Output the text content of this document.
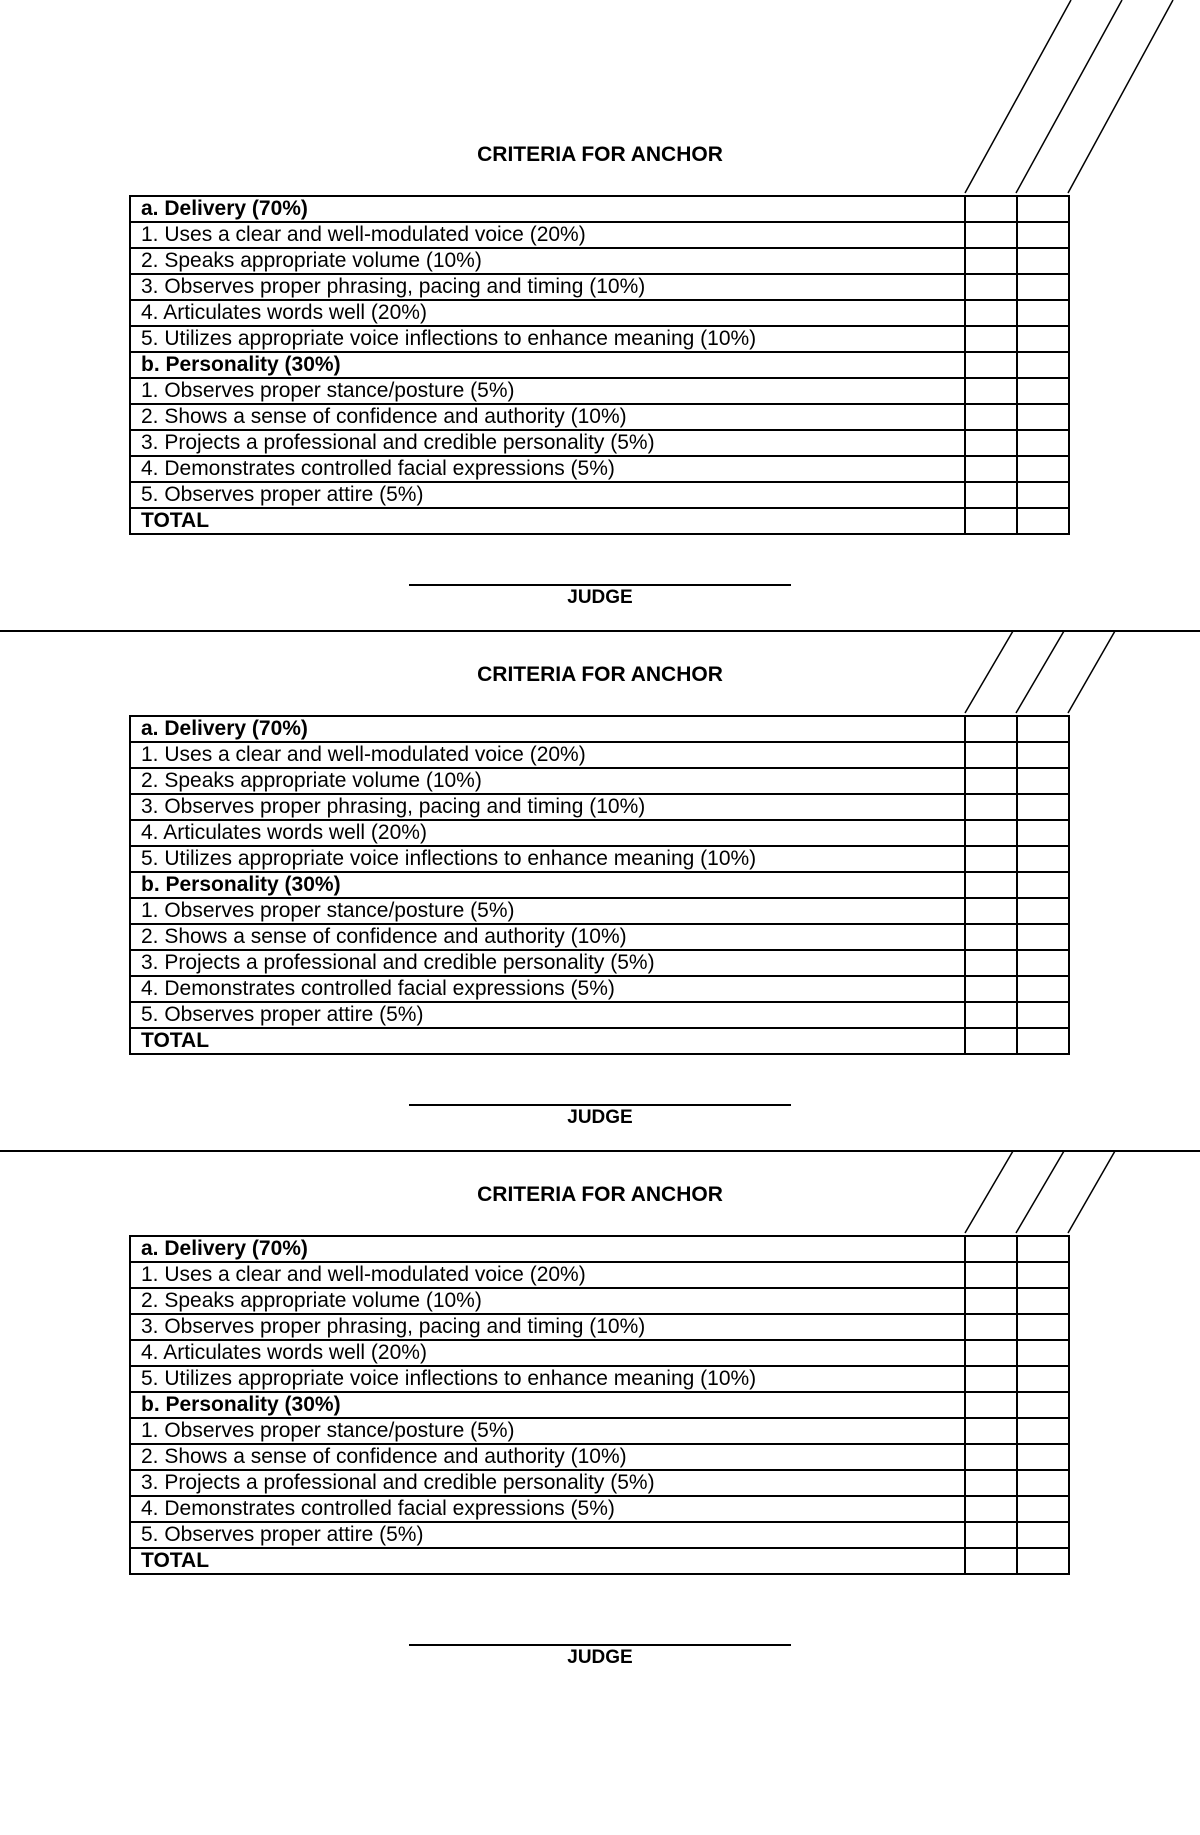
CRITERIA FOR ANCHOR
a. Delivery (70%)		
1. Uses a clear and well-modulated voice (20%)		
2. Speaks appropriate volume (10%)		
3. Observes proper phrasing, pacing and timing (10%)		
4. Articulates words well (20%)		
5. Utilizes appropriate voice inflections to enhance meaning (10%)		
b. Personality (30%)		
1. Observes proper stance/posture (5%)		
2. Shows a sense of confidence and authority (10%)		
3. Projects a professional and credible personality (5%)		
4. Demonstrates controlled facial expressions (5%)		
5. Observes proper attire (5%)		
TOTAL		
JUDGE
CRITERIA FOR ANCHOR
a. Delivery (70%)		
1. Uses a clear and well-modulated voice (20%)		
2. Speaks appropriate volume (10%)		
3. Observes proper phrasing, pacing and timing (10%)		
4. Articulates words well (20%)		
5. Utilizes appropriate voice inflections to enhance meaning (10%)		
b. Personality (30%)		
1. Observes proper stance/posture (5%)		
2. Shows a sense of confidence and authority (10%)		
3. Projects a professional and credible personality (5%)		
4. Demonstrates controlled facial expressions (5%)		
5. Observes proper attire (5%)		
TOTAL		
JUDGE
CRITERIA FOR ANCHOR
a. Delivery (70%)		
1. Uses a clear and well-modulated voice (20%)		
2. Speaks appropriate volume (10%)		
3. Observes proper phrasing, pacing and timing (10%)		
4. Articulates words well (20%)		
5. Utilizes appropriate voice inflections to enhance meaning (10%)		
b. Personality (30%)		
1. Observes proper stance/posture (5%)		
2. Shows a sense of confidence and authority (10%)		
3. Projects a professional and credible personality (5%)		
4. Demonstrates controlled facial expressions (5%)		
5. Observes proper attire (5%)		
TOTAL		
JUDGE
